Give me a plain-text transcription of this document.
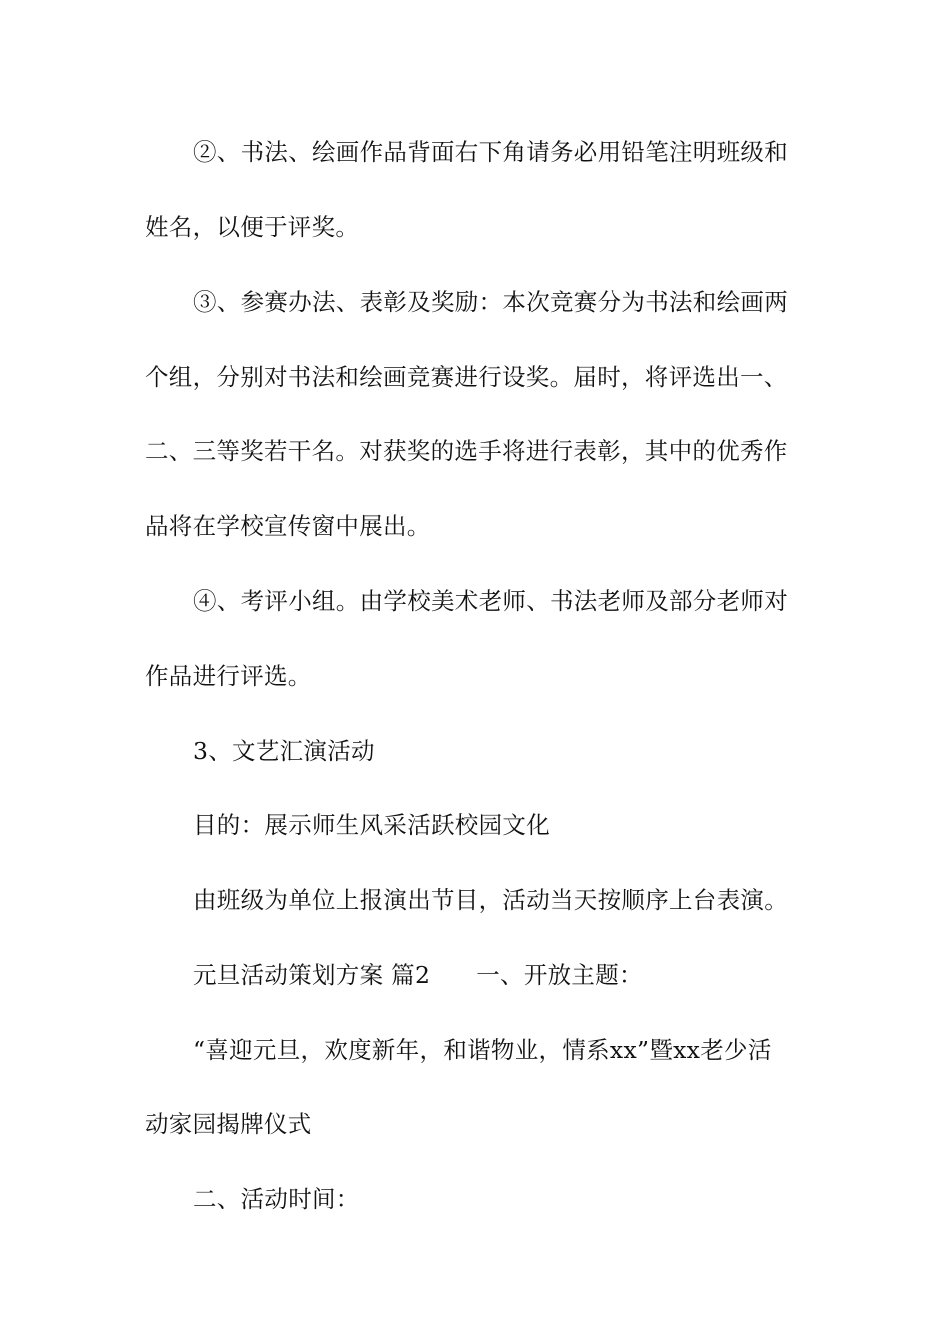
②、书法、绘画作品背面右下角请务必用铅笔注明班级和
姓名，以便于评奖。
③、参赛办法、表彰及奖励：本次竞赛分为书法和绘画两
个组，分别对书法和绘画竞赛进行设奖。届时，将评选出一、
二、三等奖若干名。对获奖的选手将进行表彰，其中的优秀作
品将在学校宣传窗中展出。
④、考评小组。由学校美术老师、书法老师及部分老师对
作品进行评选。
3、文艺汇演活动
目的：展示师生风采活跃校园文化
由班级为单位上报演出节目，活动当天按顺序上台表演。
元旦活动策划方案 篇2 一、开放主题：
“喜迎元旦，欢度新年，和谐物业，情系xx”暨xx老少活
动家园揭牌仪式
二、活动时间：
